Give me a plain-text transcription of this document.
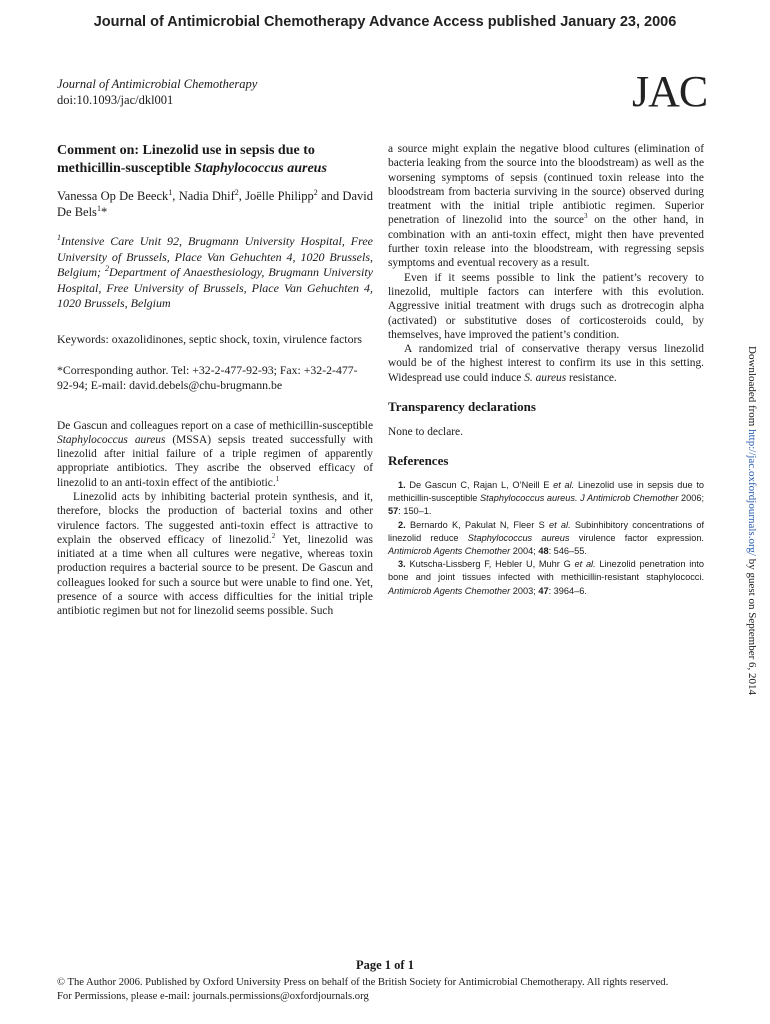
Journal of Antimicrobial Chemotherapy Advance Access published January 23, 2006
Journal of Antimicrobial Chemotherapy
doi:10.1093/jac/dkl001	JAC
Comment on: Linezolid use in sepsis due to methicillin-susceptible Staphylococcus aureus
Vanessa Op De Beeck$^1$, Nadia Dhif$^2$, Joëlle Philipp$^2$ and David De Bels$^1$*
$^1$Intensive Care Unit 92, Brugmann University Hospital, Free University of Brussels, Place Van Gehuchten 4, 1020 Brussels, Belgium; $^2$Department of Anaesthesiology, Brugmann University Hospital, Free University of Brussels, Place Van Gehuchten 4, 1020 Brussels, Belgium
Keywords: oxazolidinones, septic shock, toxin, virulence factors
*Corresponding author. Tel: +32-2-477-92-93; Fax: +32-2-477-92-94; E-mail: david.debels@chu-brugmann.be

De Gascun and colleagues report on a case of methicillin-susceptible Staphylococcus aureus (MSSA) sepsis treated successfully with linezolid after initial failure of a triple regimen of apparently appropriate antibiotics. They ascribe the observed efficacy of linezolid to an anti-toxin effect of the antibiotic.$^1$

Linezolid acts by inhibiting bacterial protein synthesis, and it, therefore, blocks the production of bacterial toxins and other virulence factors. The suggested anti-toxin effect is attractive to explain the observed efficacy of linezolid.$^2$ Yet, linezolid was initiated at a time when all cultures were negative, whereas toxin production requires a bacterial source to be present. De Gascun and colleagues looked for such a source but were unable to find one. Yet, presence of a source with access difficulties for the initial triple antibiotic regimen but not for linezolid seems possible. Such

a source might explain the negative blood cultures (elimination of bacteria leaking from the source into the bloodstream) as well as the worsening symptoms of sepsis (continued toxin release into the bloodstream from bacteria surviving in the source) observed during treatment with the initial triple antibiotic regimen. Superior penetration of linezolid into the source$^3$ on the other hand, in combination with an anti-toxin effect, might then have prevented further toxin release into the bloodstream, with regressing sepsis symptoms and eventual recovery as a result.

Even if it seems possible to link the patient’s recovery to linezolid, multiple factors can interfere with this evolution. Aggressive initial treatment with drugs such as drotrecogin alpha (activated) or substitutive doses of corticosteroids could, by themselves, have improved the patient’s condition.

A randomized trial of conservative therapy versus linezolid would be of the highest interest to confirm its use in this setting. Widespread use could induce S. aureus resistance.

Transparency declarations
None to declare.
References

1. De Gascun C, Rajan L, O’Neill E et al. Linezolid use in sepsis due to methicillin-susceptible Staphylococcus aureus. J Antimicrob Chemother 2006; 57: 150–1.

2. Bernardo K, Pakulat N, Fleer S et al. Subinhibitory concentrations of linezolid reduce Staphylococcus aureus virulence factor expression. Antimicrob Agents Chemother 2004; 48: 546–55.

3. Kutscha-Lissberg F, Hebler U, Muhr G et al. Linezolid penetration into bone and joint tissues infected with methicillin-resistant staphylococci. Antimicrob Agents Chemother 2003; 47: 3964–6.

Downloaded from http://jac.oxfordjournals.org/ by guest on September 6, 2014
Page 1 of 1
© The Author 2006. Published by Oxford University Press on behalf of the British Society for Antimicrobial Chemotherapy. All rights reserved.
For Permissions, please e-mail: journals.permissions@oxfordjournals.org
